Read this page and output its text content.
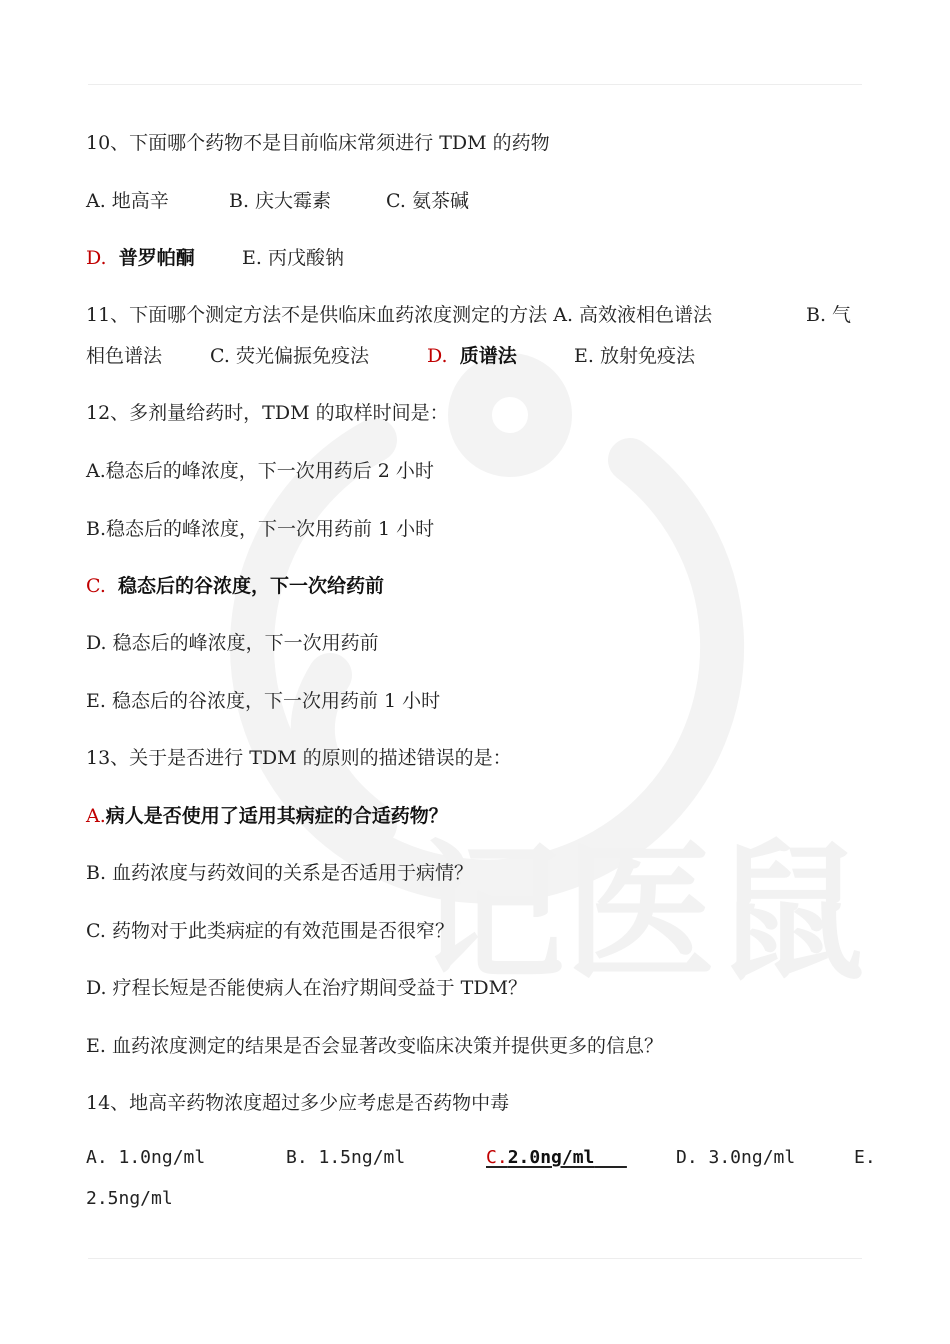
记医鼠
10、下面哪个药物不是目前临床常须进行 TDM 的药物
A. 地高辛	B. 庆大霉素	C. 氨茶碱
D. 普罗帕酮 E. 丙戊酸钠
11、下面哪个测定方法不是供临床血药浓度测定的方法 A. 高效液相色谱法	B. 气
相色谱法	C. 荧光偏振免疫法	D. 质谱法	E. 放射免疫法
12、多剂量给药时，TDM 的取样时间是：
A.稳态后的峰浓度，下一次用药后 2 小时
B.稳态后的峰浓度，下一次用药前 1 小时
C. 稳态后的谷浓度，下一次给药前
D. 稳态后的峰浓度，下一次用药前
E. 稳态后的谷浓度，下一次用药前 1 小时
13、关于是否进行 TDM 的原则的描述错误的是：
A.病人是否使用了适用其病症的合适药物？
B. 血药浓度与药效间的关系是否适用于病情？
C. 药物对于此类病症的有效范围是否很窄？
D. 疗程长短是否能使病人在治疗期间受益于 TDM？
E. 血药浓度测定的结果是否会显著改变临床决策并提供更多的信息？
14、地高辛药物浓度超过多少应考虑是否药物中毒
A. 1.0ng/ml	B. 1.5ng/ml	C.2.0ng/ml	D. 3.0ng/ml	E.
2.5ng/ml
